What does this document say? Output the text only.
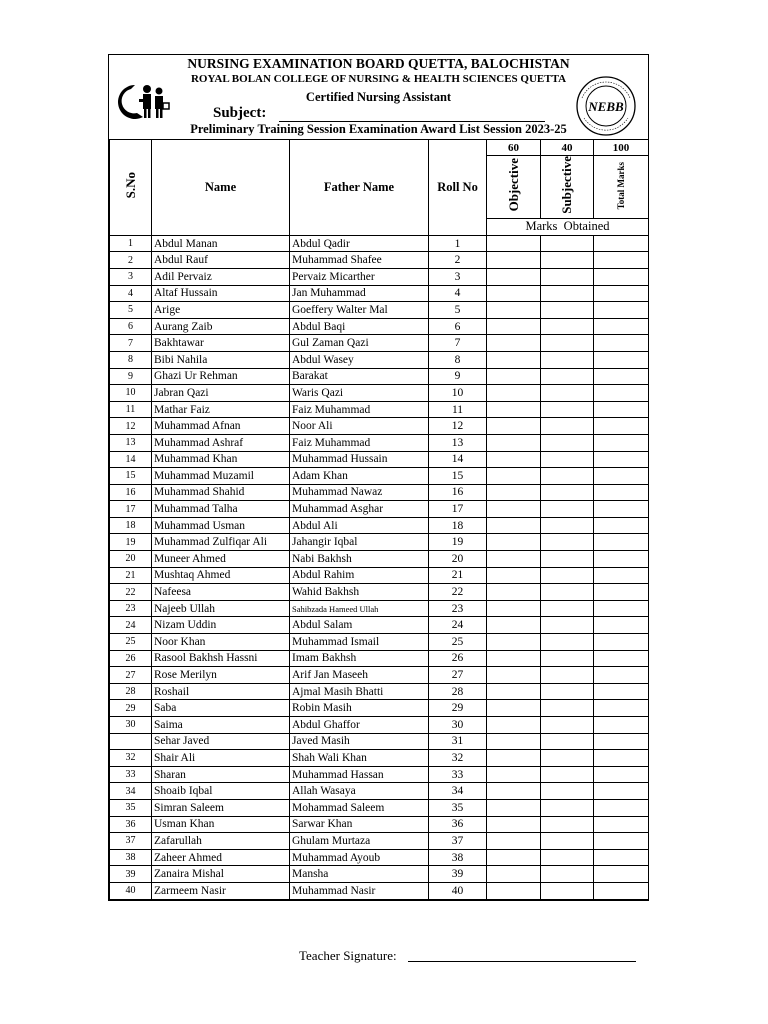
NURSING EXAMINATION BOARD QUETTA, BALOCHISTAN
ROYAL BOLAN COLLEGE OF NURSING & HEALTH SCIENCES QUETTA
Certified Nursing Assistant
Subject:
Preliminary Training Session Examination Award List Session 2023-25
NEBB
S.No	Name	Father Name	Roll No	60	40	100
				Objective	Subjective	Total Marks
				Marks  Obtained		
1	Abdul Manan	Abdul Qadir	1			
2	Abdul Rauf	Muhammad Shafee	2			
3	Adil Pervaiz	Pervaiz Micarther	3			
4	Altaf Hussain	Jan Muhammad	4			
5	Arige	Goeffery Walter Mal	5			
6	Aurang Zaib	Abdul Baqi	6			
7	Bakhtawar	Gul Zaman Qazi	7			
8	Bibi Nahila	Abdul Wasey	8			
9	Ghazi Ur Rehman	Barakat	9			
10	Jabran Qazi	Waris Qazi	10			
11	Mathar Faiz	Faiz Muhammad	11			
12	Muhammad Afnan	Noor Ali	12			
13	Muhammad Ashraf	Faiz Muhammad	13			
14	Muhammad Khan	Muhammad Hussain	14			
15	Muhammad Muzamil	Adam Khan	15			
16	Muhammad Shahid	Muhammad Nawaz	16			
17	Muhammad Talha	Muhammad Asghar	17			
18	Muhammad Usman	Abdul Ali	18			
19	Muhammad Zulfiqar Ali	Jahangir Iqbal	19			
20	Muneer Ahmed	Nabi Bakhsh	20			
21	Mushtaq Ahmed	Abdul Rahim	21			
22	Nafeesa	Wahid Bakhsh	22			
23	Najeeb Ullah	Sahibzada Hameed Ullah	23			
24	Nizam Uddin	Abdul Salam	24			
25	Noor Khan	Muhammad Ismail	25			
26	Rasool Bakhsh Hassni	Imam Bakhsh	26			
27	Rose Merilyn	Arif Jan Maseeh	27			
28	Roshail	Ajmal Masih Bhatti	28			
29	Saba	Robin Masih	29			
30	Saima	Abdul Ghaffor	30			
	Sehar Javed	Javed Masih	31			
32	Shair Ali	Shah Wali Khan	32			
33	Sharan	Muhammad Hassan	33			
34	Shoaib Iqbal	Allah Wasaya	34			
35	Simran Saleem	Mohammad Saleem	35			
36	Usman Khan	Sarwar Khan	36			
37	Zafarullah	Ghulam Murtaza	37			
38	Zaheer Ahmed	Muhammad Ayoub	38			
39	Zanaira Mishal	Mansha	39			
40	Zarmeem Nasir	Muhammad Nasir	40			
Teacher Signature:
